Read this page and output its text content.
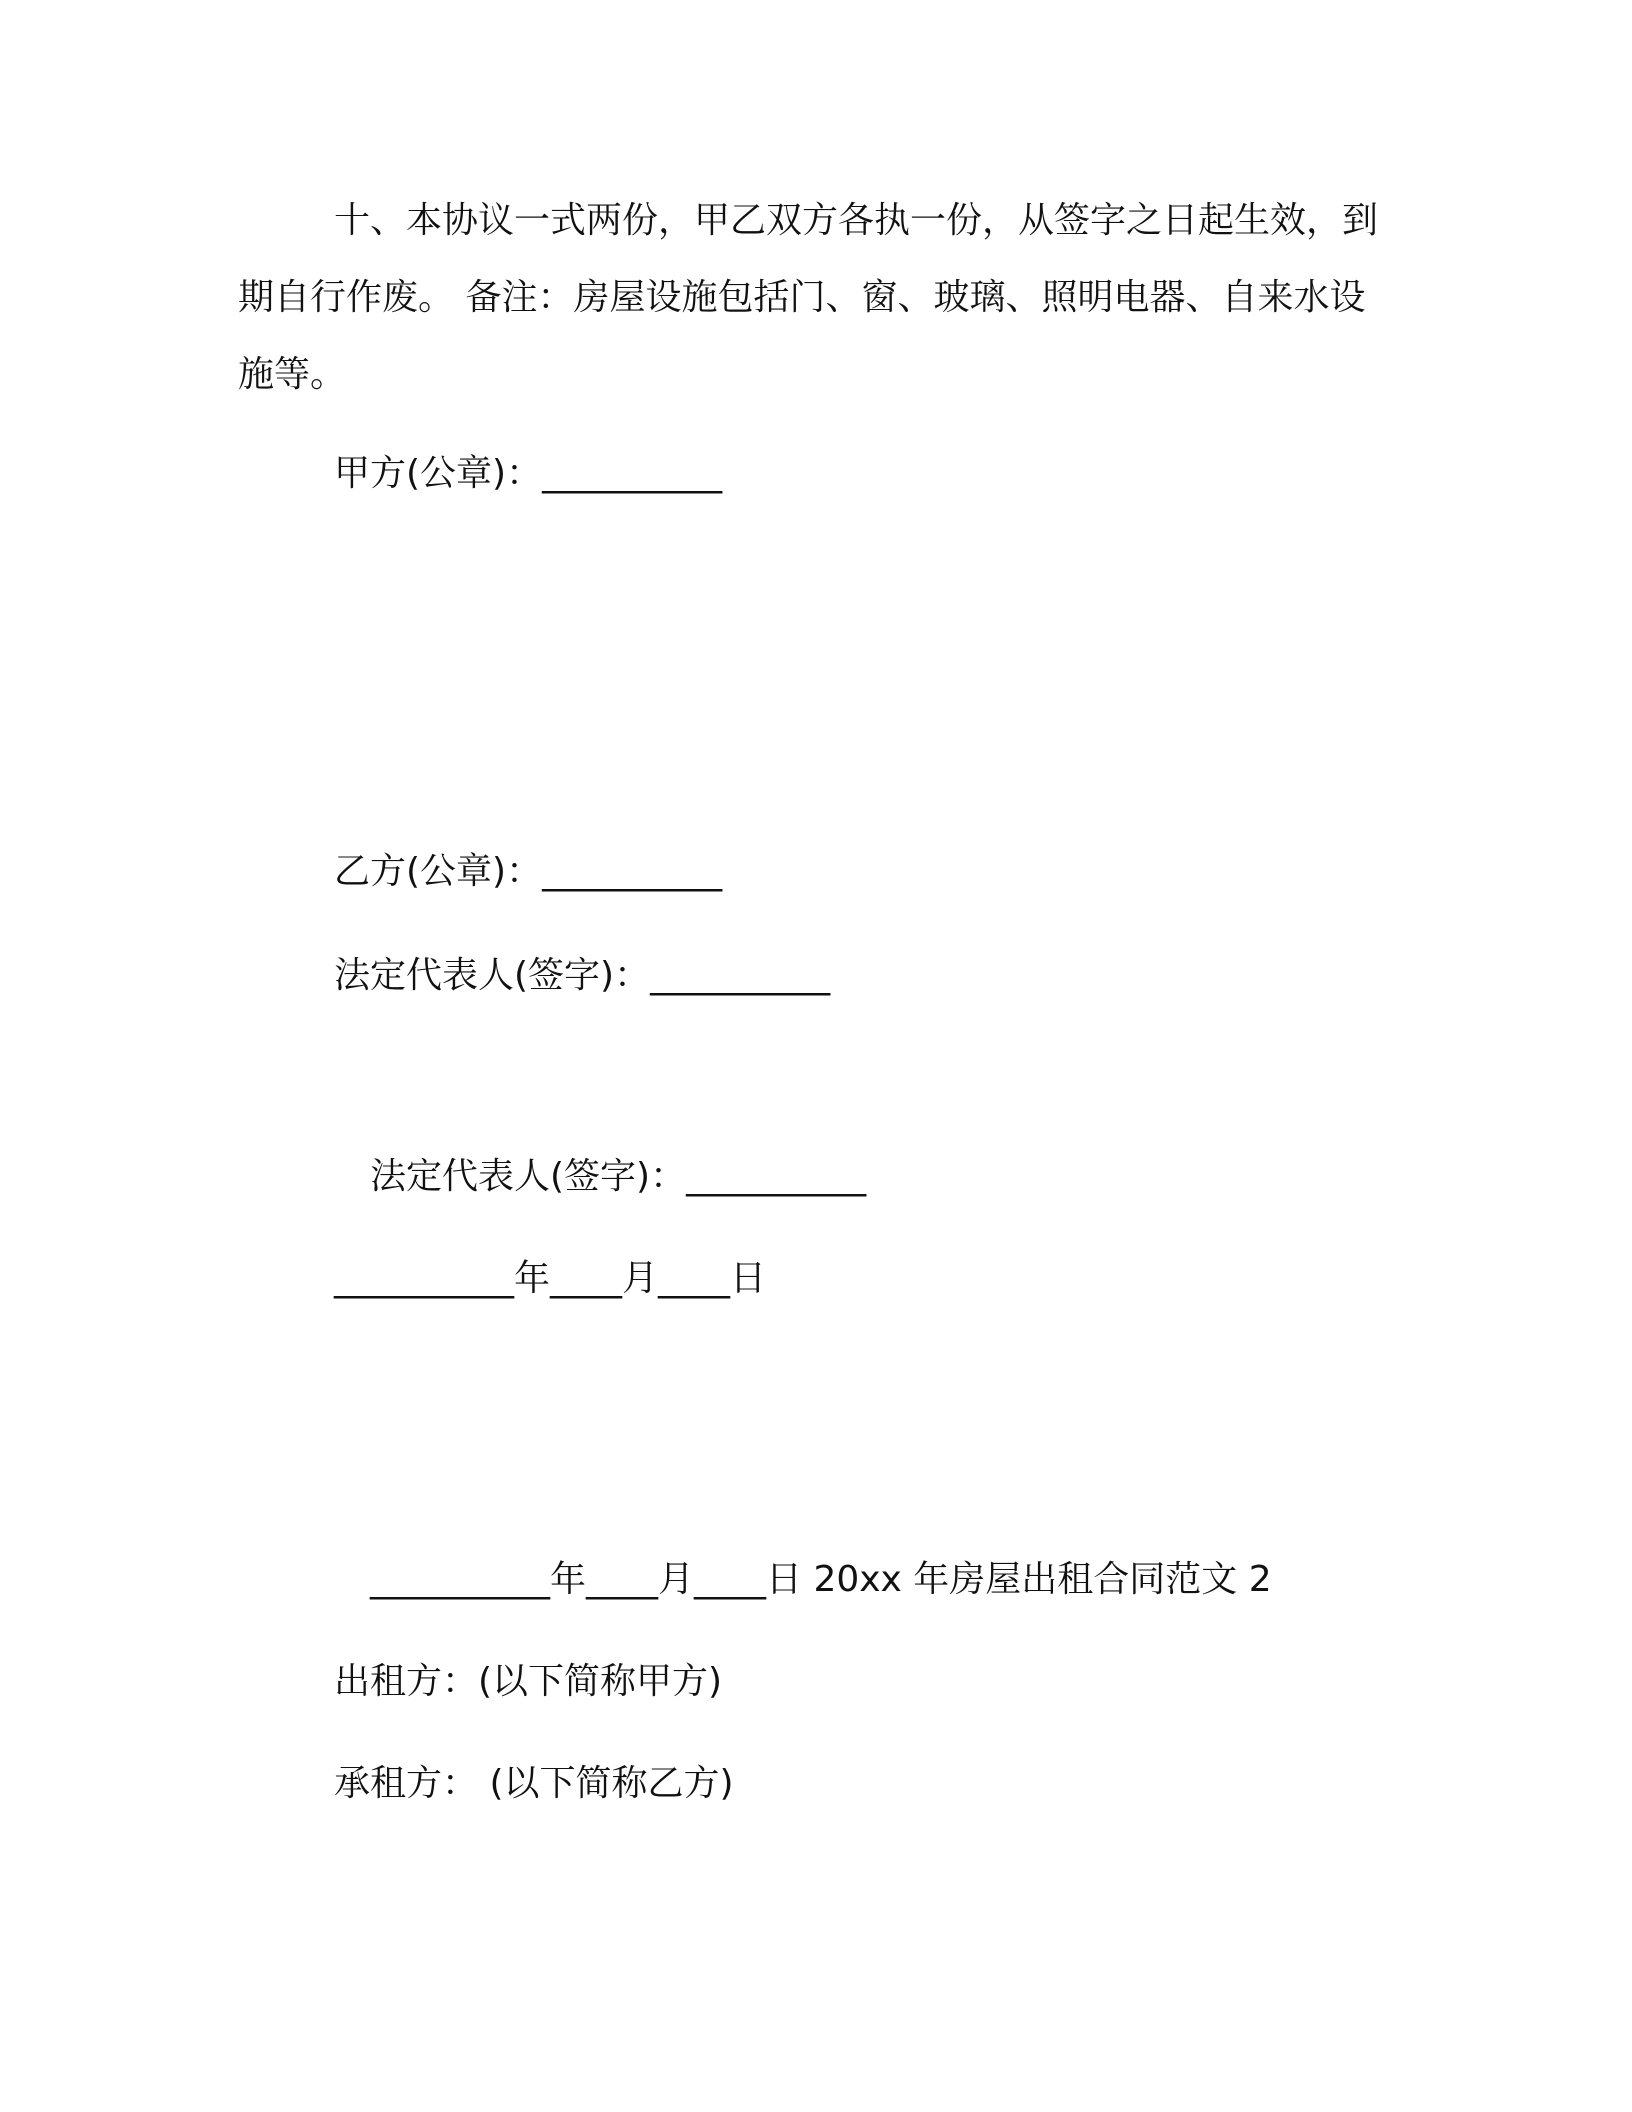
十、本协议一式两份，甲乙双方各执一份，从签字之日起生效，到期自行作废。 备注：房屋设施包括门、窗、玻璃、照明电器、自来水设施等。
甲方(公章)：__________
乙方(公章)：__________
法定代表人(签字)：__________
法定代表人(签字)：__________
__________年____月____日
__________年____月____日 20xx 年房屋出租合同范文 2
出租方：(以下简称甲方)
承租方： (以下简称乙方)
